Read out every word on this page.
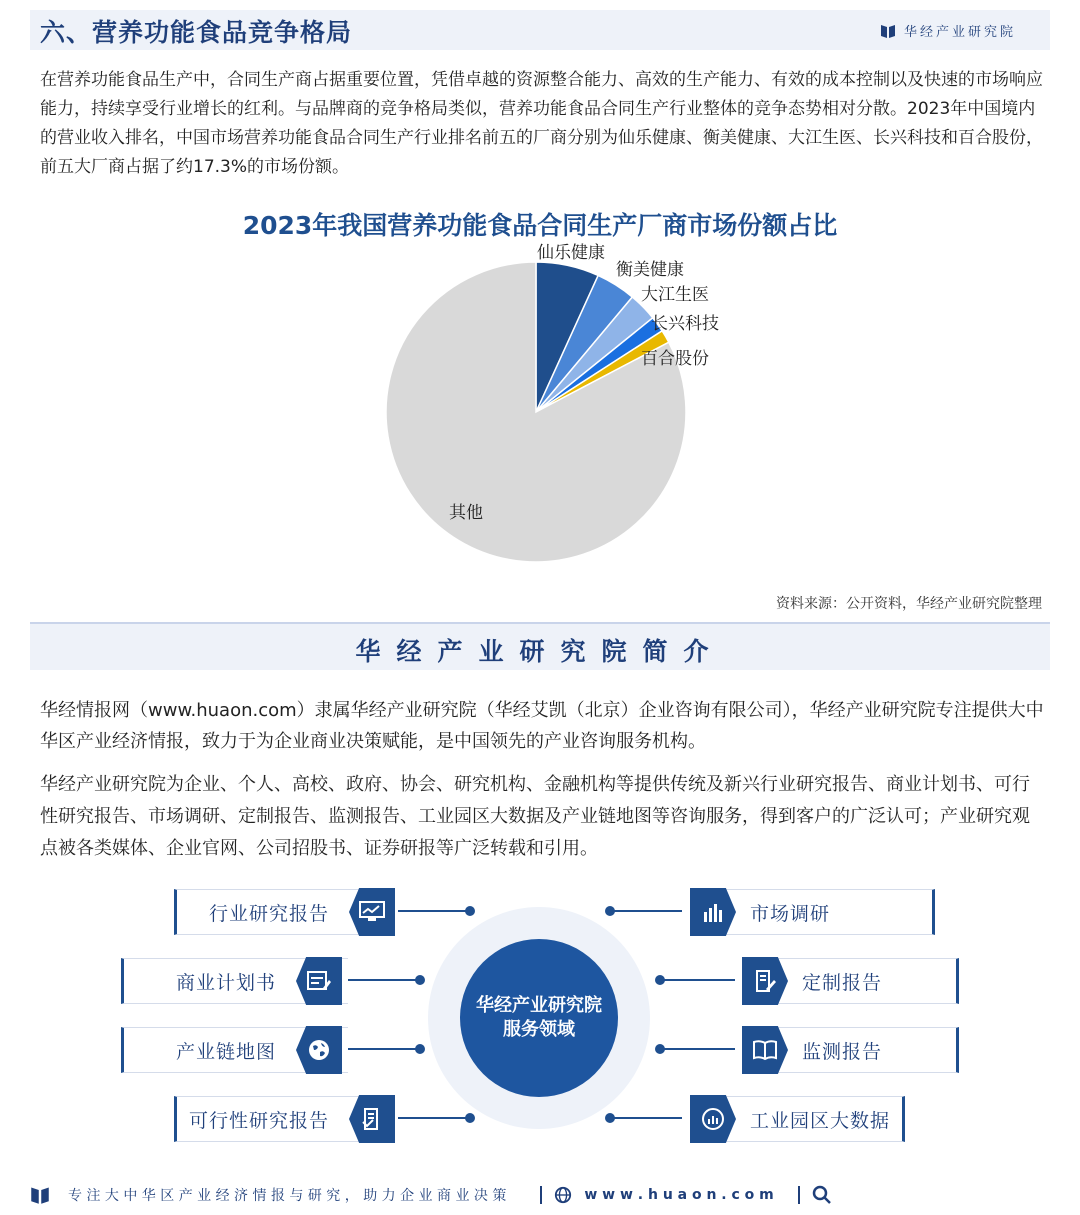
六、营养功能食品竞争格局	华经产业研究院

在营养功能食品生产中，合同生产商占据重要位置，凭借卓越的资源整合能力、高效的生产能力、有效的成本控制以及快速的市场响应能力，持续享受行业增长的红利。与品牌商的竞争格局类似，营养功能食品合同生产行业整体的竞争态势相对分散。2023年中国境内的营业收入排名，中国市场营养功能食品合同生产行业排名前五的厂商分别为仙乐健康、衡美健康、大江生医、长兴科技和百合股份，前五大厂商占据了约17.3%的市场份额。

2023年我国营养功能食品合同生产厂商市场份额占比
仙乐健康
衡美健康
大江生医
长兴科技
百合股份
其他
资料来源：公开资料，华经产业研究院整理
华经产业研究院简介

华经情报网（www.huaon.com）隶属华经产业研究院（华经艾凯（北京）企业咨询有限公司），华经产业研究院专注提供大中华区产业经济情报，致力于为企业商业决策赋能，是中国领先的产业咨询服务机构。

华经产业研究院为企业、个人、高校、政府、协会、研究机构、金融机构等提供传统及新兴行业研究报告、商业计划书、可行性研究报告、市场调研、定制报告、监测报告、工业园区大数据及产业链地图等咨询服务，得到客户的广泛认可；产业研究观点被各类媒体、企业官网、公司招股书、证券研报等广泛转载和引用。

华经产业研究院
服务领域
行业研究报告
商业计划书
产业链地图
可行性研究报告
市场调研
定制报告
监测报告
工业园区大数据
专 注 大 中 华 区 产 业 经 济 情 报 与 研 究 ， 助 力 企 业 商 业 决 策	w w w . h u a o n . c o m
